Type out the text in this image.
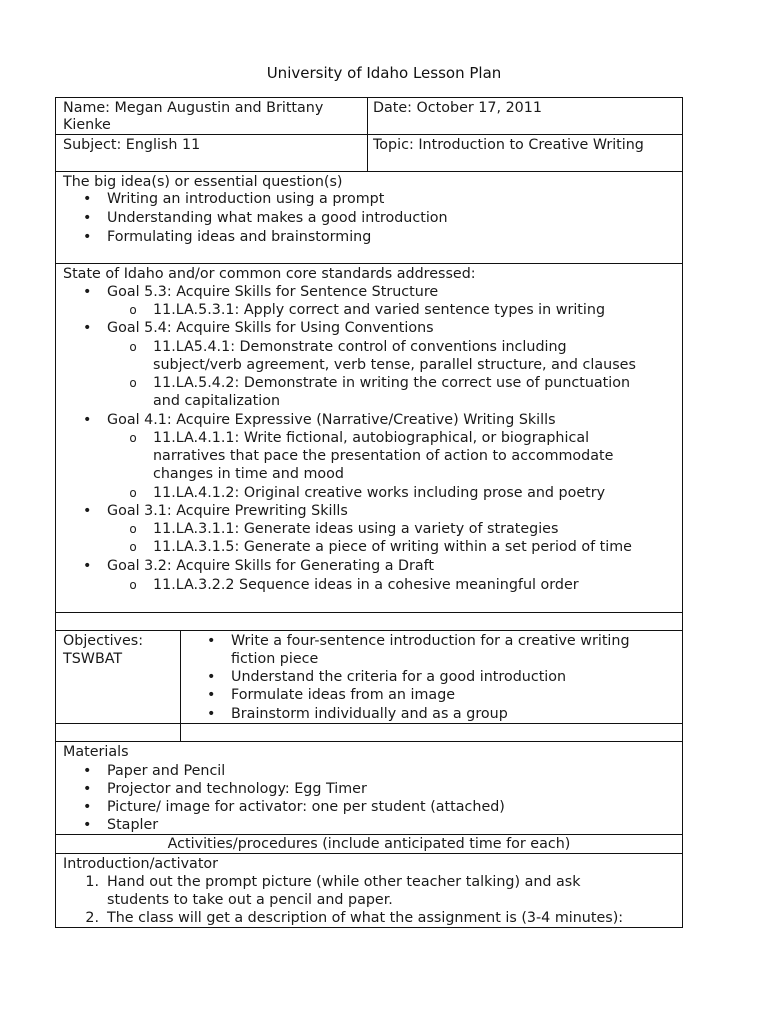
University of Idaho Lesson Plan
Name: Megan Augustin and Brittany
Kienke
Date: October 17, 2011
Subject: English 11	Topic: Introduction to Creative Writing
The big idea(s) or essential question(s)
• Writing an introduction using a prompt
• Understanding what makes a good introduction
• Formulating ideas and brainstorming
State of Idaho and/or common core standards addressed:
• Goal 5.3: Acquire Skills for Sentence Structure
o 11.LA.5.3.1: Apply correct and varied sentence types in writing
• Goal 5.4: Acquire Skills for Using Conventions
o 11.LA5.4.1: Demonstrate control of conventions including
subject/verb agreement, verb tense, parallel structure, and clauses
o 11.LA.5.4.2: Demonstrate in writing the correct use of punctuation
and capitalization
• Goal 4.1: Acquire Expressive (Narrative/Creative) Writing Skills
o 11.LA.4.1.1: Write fictional, autobiographical, or biographical
narratives that pace the presentation of action to accommodate
changes in time and mood
o 11.LA.4.1.2: Original creative works including prose and poetry
• Goal 3.1: Acquire Prewriting Skills
o 11.LA.3.1.1: Generate ideas using a variety of strategies
o 11.LA.3.1.5: Generate a piece of writing within a set period of time
• Goal 3.2: Acquire Skills for Generating a Draft
o 11.LA.3.2.2 Sequence ideas in a cohesive meaningful order
Objectives:
TSWBAT
• Write a four-sentence introduction for a creative writing
fiction piece
• Understand the criteria for a good introduction
• Formulate ideas from an image
• Brainstorm individually and as a group
Materials
• Paper and Pencil
• Projector and technology: Egg Timer
• Picture/ image for activator: one per student (attached)
• Stapler
Activities/procedures (include anticipated time for each)
Introduction/activator
1. Hand out the prompt picture (while other teacher talking) and ask
students to take out a pencil and paper.
2. The class will get a description of what the assignment is (3-4 minutes):
